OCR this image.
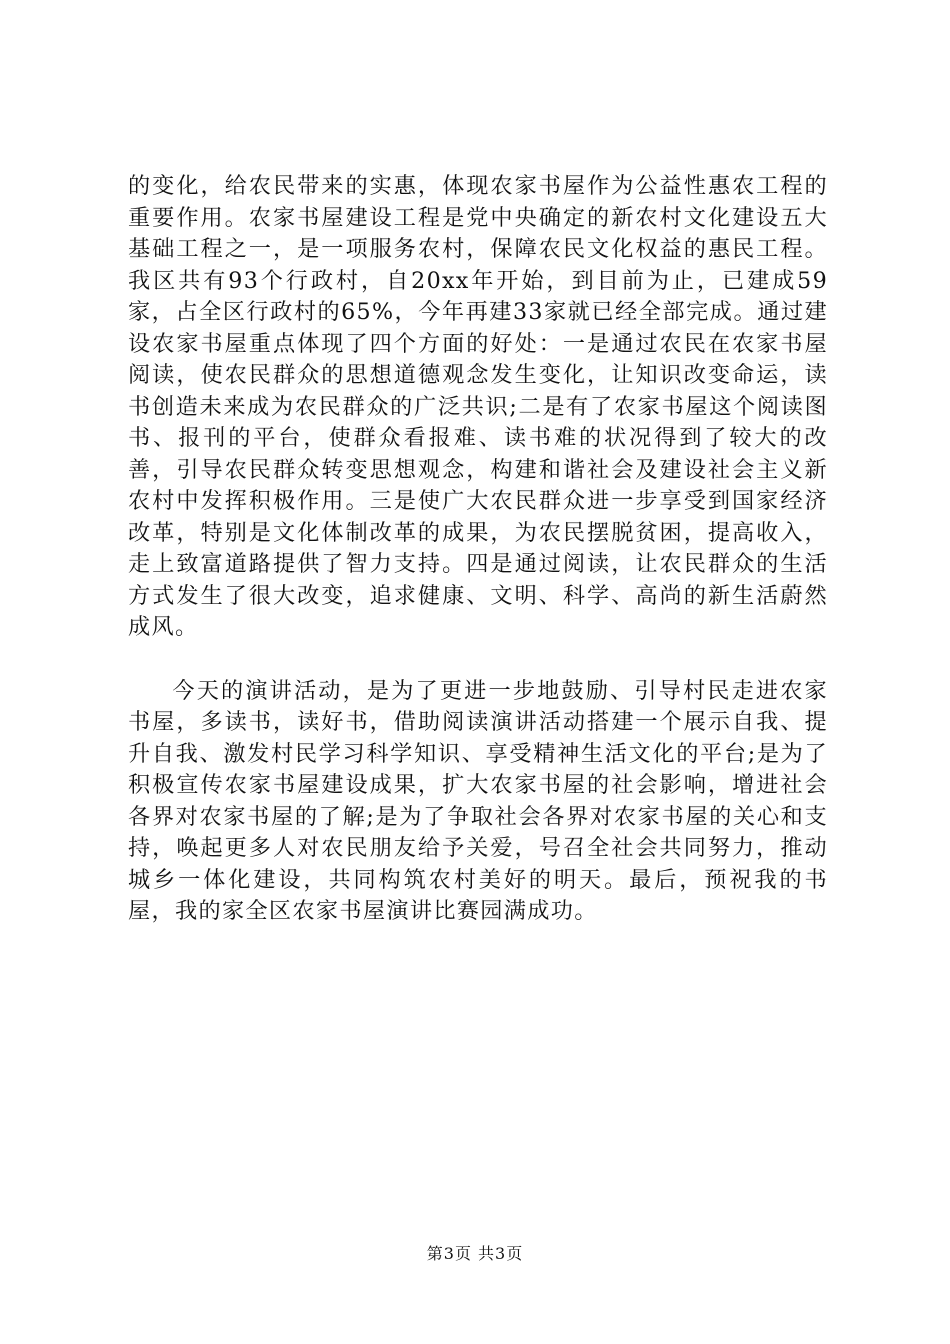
的变化，给农民带来的实惠，体现农家书屋作为公益性惠农工程的重要作用。农家书屋建设工程是党中央确定的新农村文化建设五大基础工程之一，是一项服务农村，保障农民文化权益的惠民工程。我区共有93个行政村，自20xx年开始，到目前为止，已建成59家，占全区行政村的65%，今年再建33家就已经全部完成。通过建设农家书屋重点体现了四个方面的好处：一是通过农民在农家书屋阅读，使农民群众的思想道德观念发生变化，让知识改变命运，读书创造未来成为农民群众的广泛共识;二是有了农家书屋这个阅读图书、报刊的平台，使群众看报难、读书难的状况得到了较大的改善，引导农民群众转变思想观念，构建和谐社会及建设社会主义新农村中发挥积极作用。三是使广大农民群众进一步享受到国家经济改革，特别是文化体制改革的成果，为农民摆脱贫困，提高收入，走上致富道路提供了智力支持。四是通过阅读，让农民群众的生活方式发生了很大改变，追求健康、文明、科学、高尚的新生活蔚然成风。

今天的演讲活动，是为了更进一步地鼓励、引导村民走进农家书屋，多读书，读好书，借助阅读演讲活动搭建一个展示自我、提升自我、激发村民学习科学知识、享受精神生活文化的平台;是为了积极宣传农家书屋建设成果，扩大农家书屋的社会影响，增进社会各界对农家书屋的了解;是为了争取社会各界对农家书屋的关心和支持，唤起更多人对农民朋友给予关爱，号召全社会共同努力，推动城乡一体化建设，共同构筑农村美好的明天。最后，预祝我的书屋，我的家全区农家书屋演讲比赛园满成功。

第3页 共3页
